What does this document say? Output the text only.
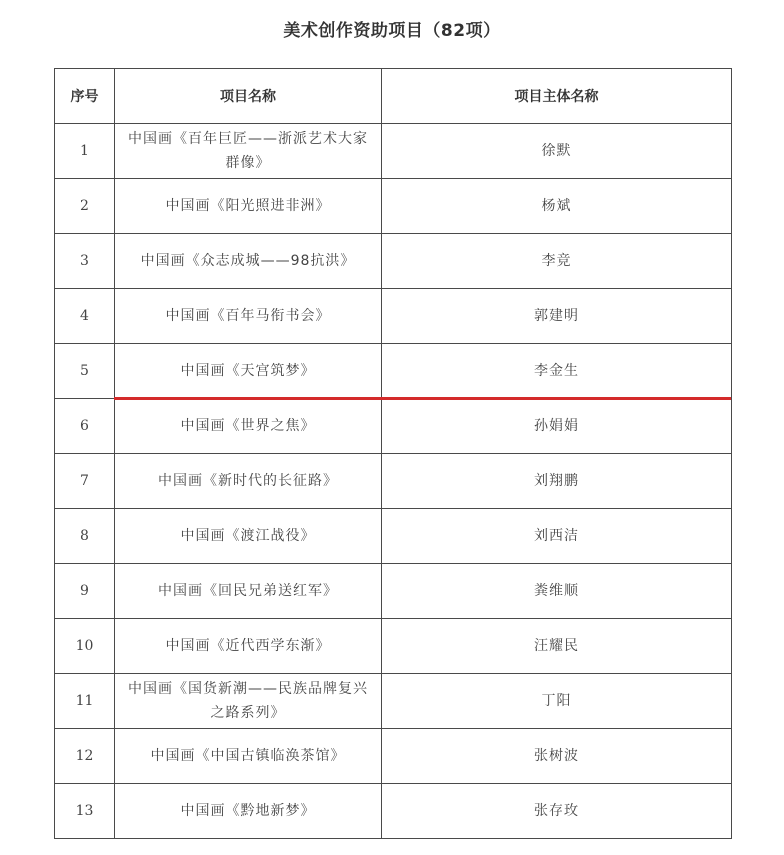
美术创作资助项目（82项）
序号	项目名称	项目主体名称
1	中国画《百年巨匠——浙派艺术大家群像》	徐默
2	中国画《阳光照进非洲》	杨斌
3	中国画《众志成城——98抗洪》	李竞
4	中国画《百年马衔书会》	郭建明
5	中国画《天宫筑梦》	李金生
6	中国画《世界之焦》	孙娟娟
7	中国画《新时代的长征路》	刘翔鹏
8	中国画《渡江战役》	刘西洁
9	中国画《回民兄弟送红军》	粪维顺
10	中国画《近代西学东渐》	汪耀民
11	中国画《国货新潮——民族品牌复兴之路系列》	丁阳
12	中国画《中国古镇临涣茶馆》	张树波
13	中国画《黔地新梦》	张存玫
